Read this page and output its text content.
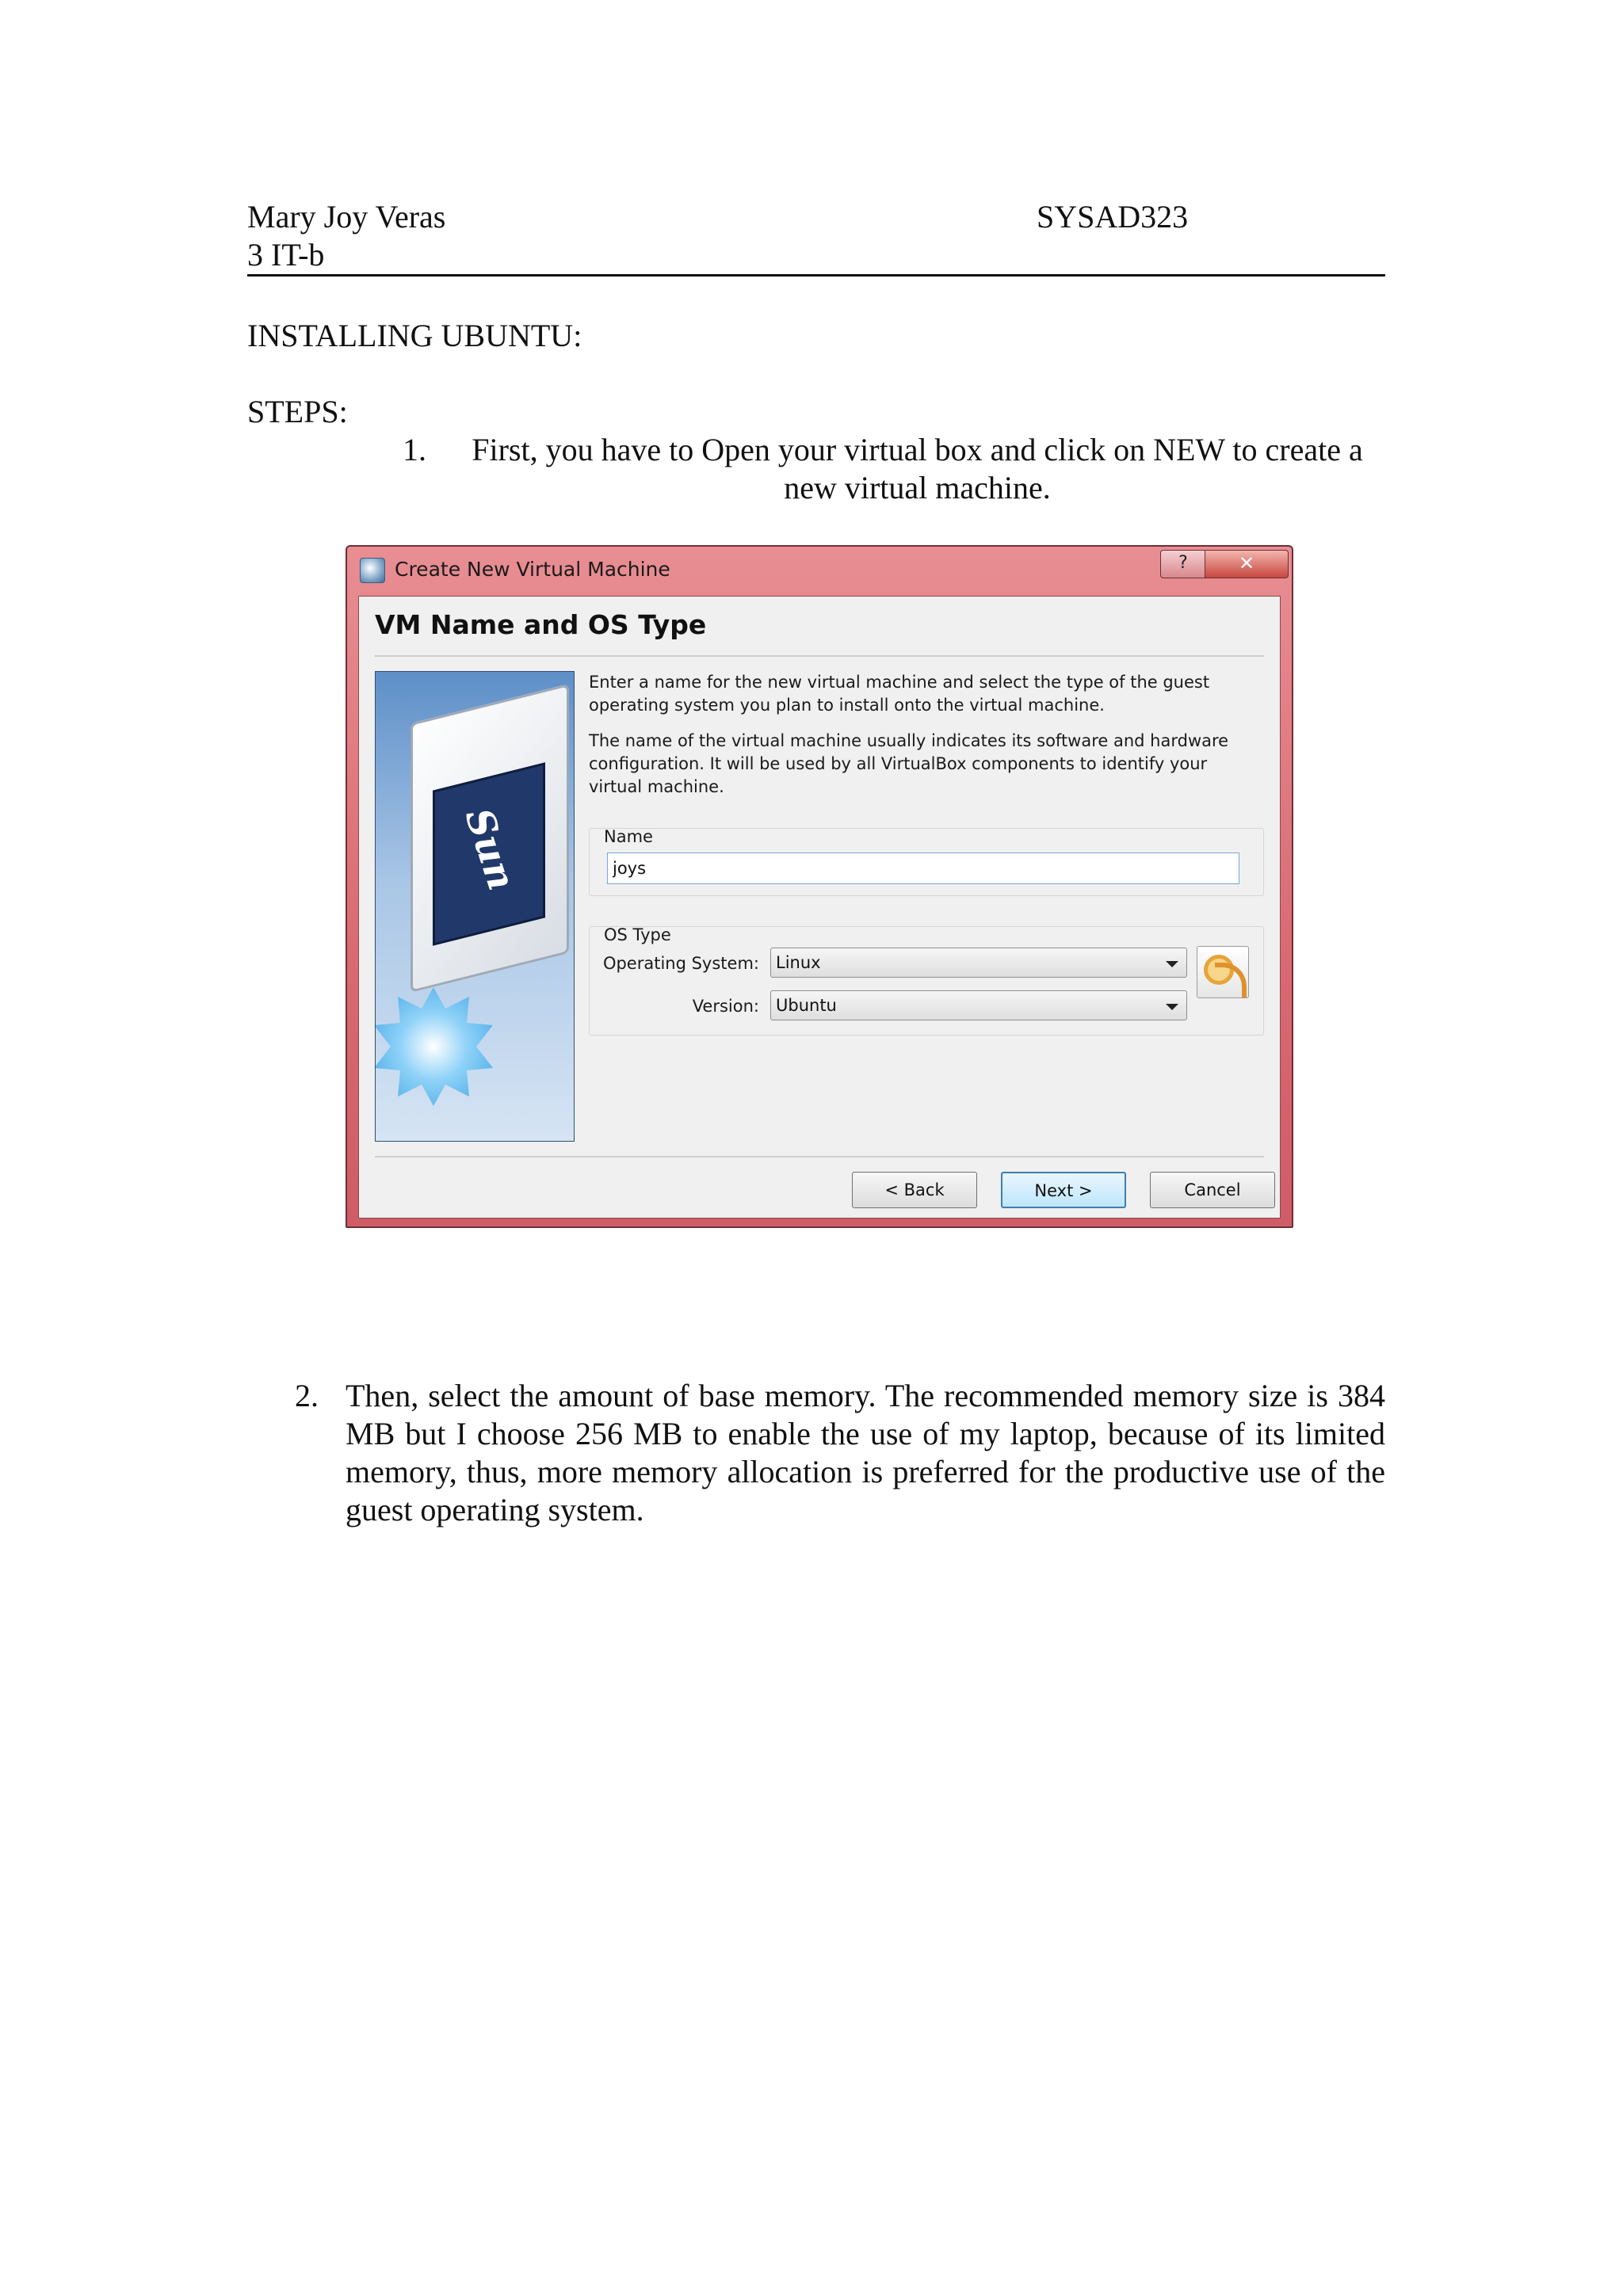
Mary Joy Veras	SYSAD323
3 IT-b
INSTALLING UBUNTU:
STEPS:
1.	First, you have to Open your virtual box and click on NEW to create a new virtual machine.
Create New Virtual Machine	?	✕
VM Name and OS Type
Sun

Enter a name for the new virtual machine and select the type of the guest operating system you plan to install onto the virtual machine.

The name of the virtual machine usually indicates its software and hardware configuration. It will be used by all VirtualBox components to identify your virtual machine.

Name
joys
OS Type
Operating System:	Linux
Version:	Ubuntu
< Back	Next >	Cancel
2. Then, select the amount of base memory. The recommended memory size is 384 MB but I choose 256 MB to enable the use of my laptop, because of its limited memory, thus, more memory allocation is preferred for the productive use of the guest operating system.
